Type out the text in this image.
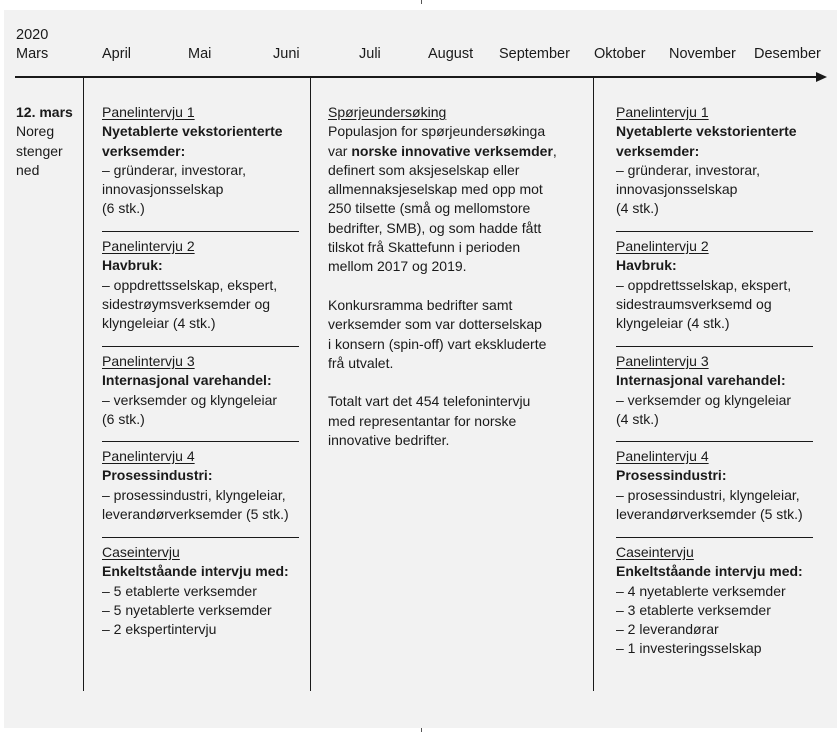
2020
Mars	April	Mai	Juni	Juli	August September Oktober November Desember
12. mars
Noreg
stenger
ned
Panelintervju 1
Nyetablerte vekstorienterte
verksemder:
– gründerar, investorar,
innovasjonsselskap
(6 stk.)
Panelintervju 2
Havbruk:
– oppdrettsselskap, ekspert,
sidestrøymsverksemder og
klyngeleiar (4 stk.)
Panelintervju 3
Internasjonal varehandel:
– verksemder og klyngeleiar
(6 stk.)
Panelintervju 4
Prosessindustri:
– prosessindustri, klyngeleiar,
leverandørverksemder (5 stk.)
Caseintervju
Enkeltståande intervju med:
– 5 etablerte verksemder
– 5 nyetablerte verksemder
– 2 ekspertintervju
Spørjeundersøking

Populasjon for spørjeundersøkinga
var norske innovative verksemder,
definert som aksjeselskap eller
allmennaksjeselskap med opp mot
250 tilsette (små og mellomstore
bedrifter, SMB), og som hadde fått
tilskot frå Skattefunn i perioden
mellom 2017 og 2019.

Konkursramma bedrifter samt
verksemder som var dotterselskap
i konsern (spin-off) vart ekskluderte
frå utvalet.

Totalt vart det 454 telefonintervju
med representantar for norske
innovative bedrifter.

Panelintervju 1
Nyetablerte vekstorienterte
verksemder:
– gründerar, investorar,
innovasjonsselskap
(4 stk.)
Panelintervju 2
Havbruk:
– oppdrettsselskap, ekspert,
sidestraumsverksemd og
klyngeleiar (4 stk.)
Panelintervju 3
Internasjonal varehandel:
– verksemder og klyngeleiar
(4 stk.)
Panelintervju 4
Prosessindustri:
– prosessindustri, klyngeleiar,
leverandørverksemder (5 stk.)
Caseintervju
Enkeltståande intervju med:
– 4 nyetablerte verksemder
– 3 etablerte verksemder
– 2 leverandørar
– 1 investeringsselskap
